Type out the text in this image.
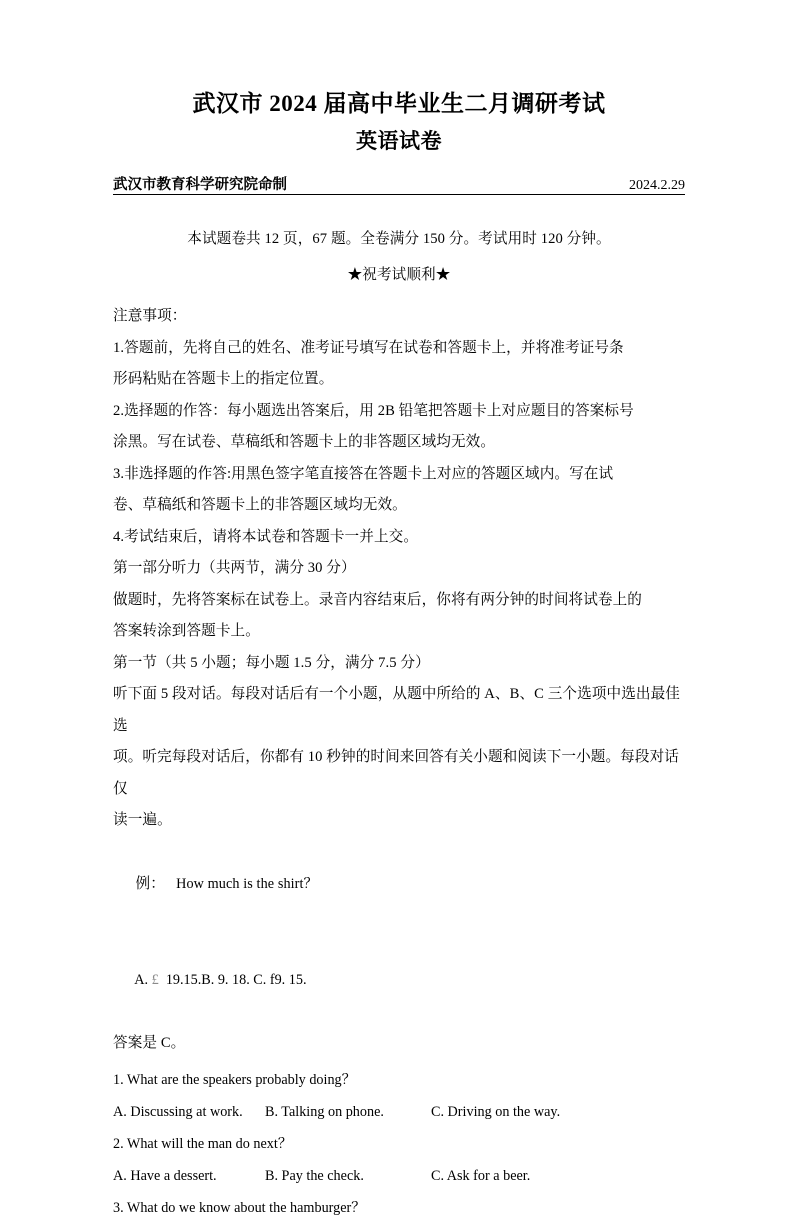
武汉市 2024 届高中毕业生二月调研考试
英语试卷
武汉市教育科学研究院命制	2024.2.29
本试题卷共 12 页，67 题。全卷满分 150 分。考试用时 120 分钟。
★祝考试顺利★
注意事项：
1.答题前，先将自己的姓名、准考证号填写在试卷和答题卡上，并将准考证号条
形码粘贴在答题卡上的指定位置。
2.选择题的作答：每小题选出答案后，用 2B 铅笔把答题卡上对应题目的答案标号
涂黑。写在试卷、草稿纸和答题卡上的非答题区域均无效。
3.非选择题的作答:用黑色签字笔直接答在答题卡上对应的答题区域内。写在试
卷、草稿纸和答题卡上的非答题区域均无效。
4.考试结束后，请将本试卷和答题卡一并上交。
第一部分听力（共两节，满分 30 分）
做题时，先将答案标在试卷上。录音内容结束后，你将有两分钟的时间将试卷上的
答案转涂到答题卡上。
第一节（共 5 小题；每小题 1.5 分，满分 7.5 分）
听下面 5 段对话。每段对话后有一个小题，从题中所给的 A、B、C 三个选项中选出最佳选
项。听完每段对话后，你都有 10 秒钟的时间来回答有关小题和阅读下一小题。每段对话仅
读一遍。

例： How much is the shirt？

A. £ 19.15.B. 9. 18. C. f9. 15.

答案是 C。
1. What are the speakers probably doing？
A. Discussing at work. B. Talking on phone.	C. Driving on the way.
2. What will the man do next？
A. Have a dessert.	B. Pay the check.	C. Ask for a beer.
3. What do we know about the hamburger？
